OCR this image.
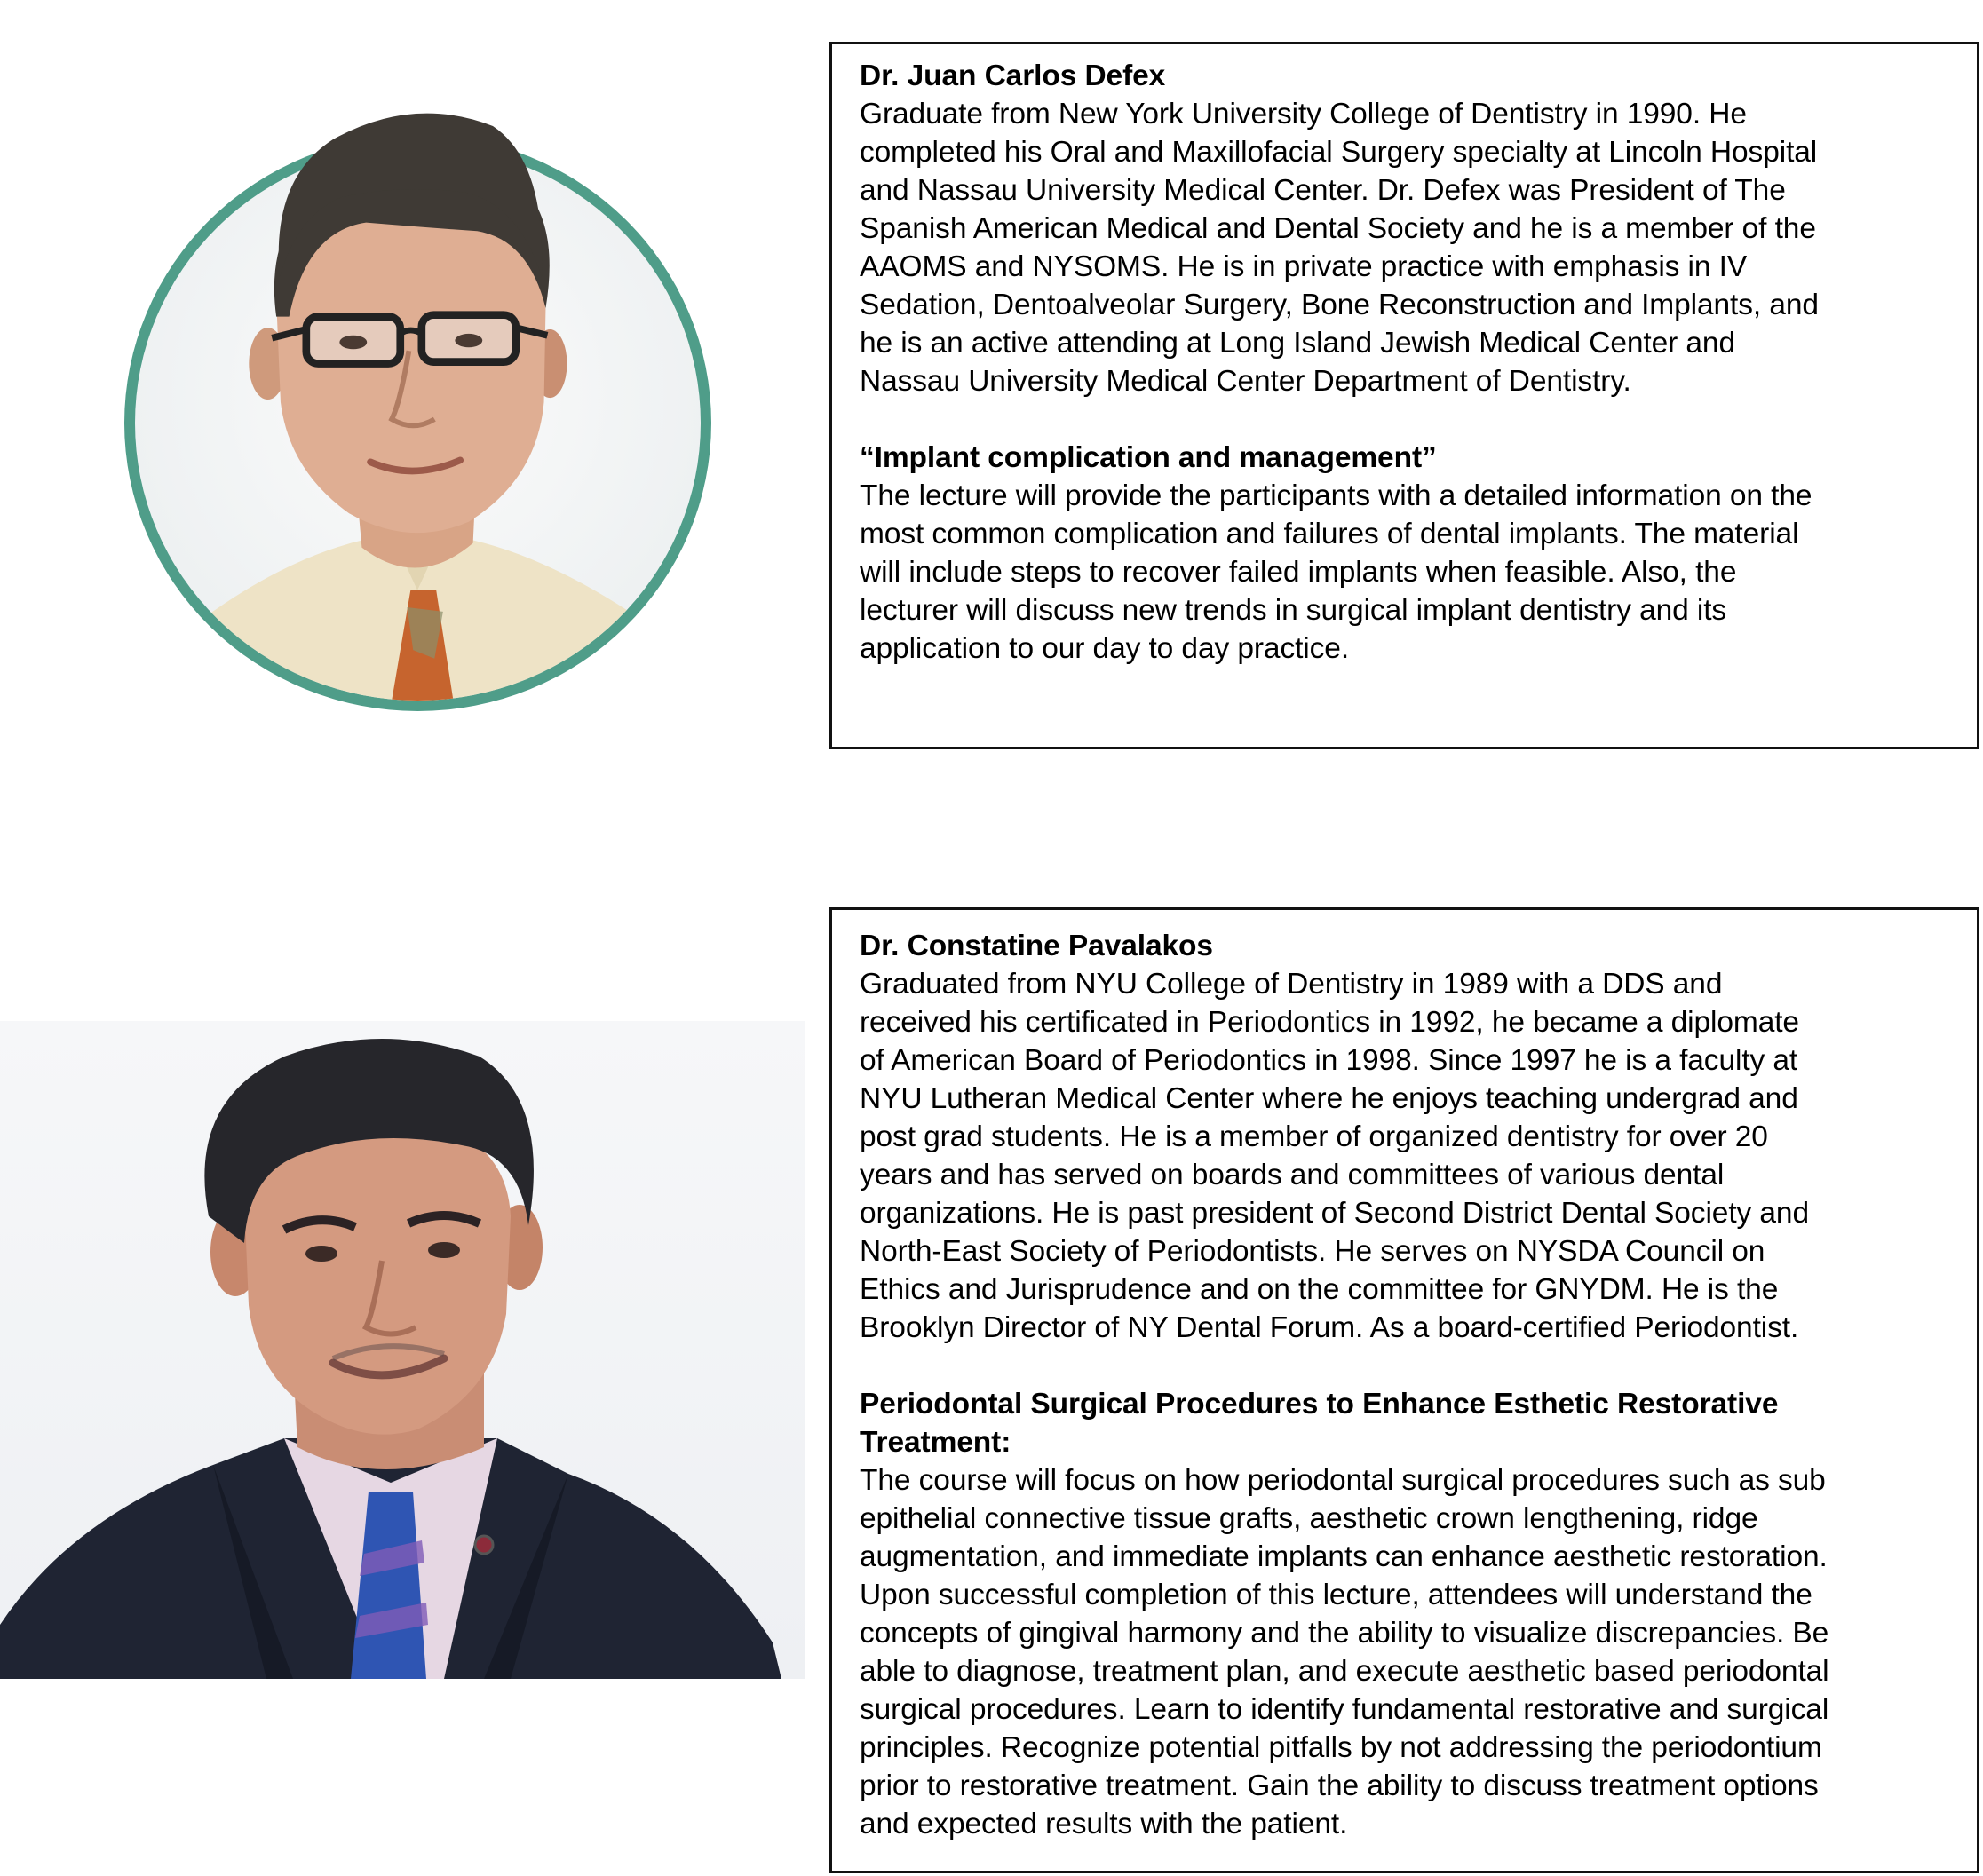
Dr. Juan Carlos Defex

Graduate from New York University College of Dentistry in 1990. He
completed his Oral and Maxillofacial Surgery specialty at Lincoln Hospital
and Nassau University Medical Center. Dr. Defex was President of The
Spanish American Medical and Dental Society and he is a member of the
AAOMS and NYSOMS. He is in private practice with emphasis in IV
Sedation, Dentoalveolar Surgery, Bone Reconstruction and Implants, and
he is an active attending at Long Island Jewish Medical Center and
Nassau University Medical Center Department of Dentistry.

“Implant complication and management”

The lecture will provide the participants with a detailed information on the
most common complication and failures of dental implants. The material
will include steps to recover failed implants when feasible. Also, the
lecturer will discuss new trends in surgical implant dentistry and its
application to our day to day practice.

Dr. Constatine Pavalakos

Graduated from NYU College of Dentistry in 1989 with a DDS and
received his certificated in Periodontics in 1992, he became a diplomate
of American Board of Periodontics in 1998. Since 1997 he is a faculty at
NYU Lutheran Medical Center where he enjoys teaching undergrad and
post grad students. He is a member of organized dentistry for over 20
years and has served on boards and committees of various dental
organizations. He is past president of Second District Dental Society and
North-East Society of Periodontists. He serves on NYSDA Council on
Ethics and Jurisprudence and on the committee for GNYDM. He is the
Brooklyn Director of NY Dental Forum. As a board-certified Periodontist.

Periodontal Surgical Procedures to Enhance Esthetic Restorative
Treatment:

The course will focus on how periodontal surgical procedures such as sub
epithelial connective tissue grafts, aesthetic crown lengthening, ridge
augmentation, and immediate implants can enhance aesthetic restoration.
Upon successful completion of this lecture, attendees will understand the
concepts of gingival harmony and the ability to visualize discrepancies. Be
able to diagnose, treatment plan, and execute aesthetic based periodontal
surgical procedures. Learn to identify fundamental restorative and surgical
principles. Recognize potential pitfalls by not addressing the periodontium
prior to restorative treatment. Gain the ability to discuss treatment options
and expected results with the patient.
